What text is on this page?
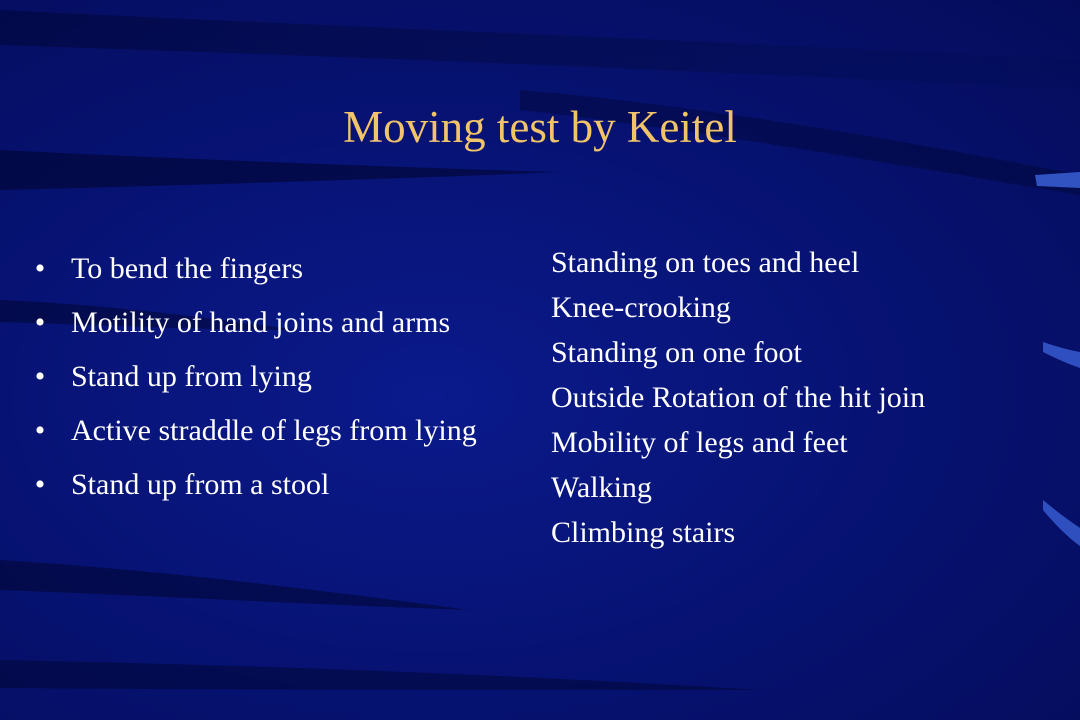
Moving test by Keitel
• To bend the fingers
• Motility of hand joins and arms
• Stand up from lying
• Active straddle of legs from lying
• Stand up from a stool
Standing on toes and heel
Knee-crooking
Standing on one foot
Outside Rotation of the hit join
Mobility of legs and feet
Walking
Climbing stairs
